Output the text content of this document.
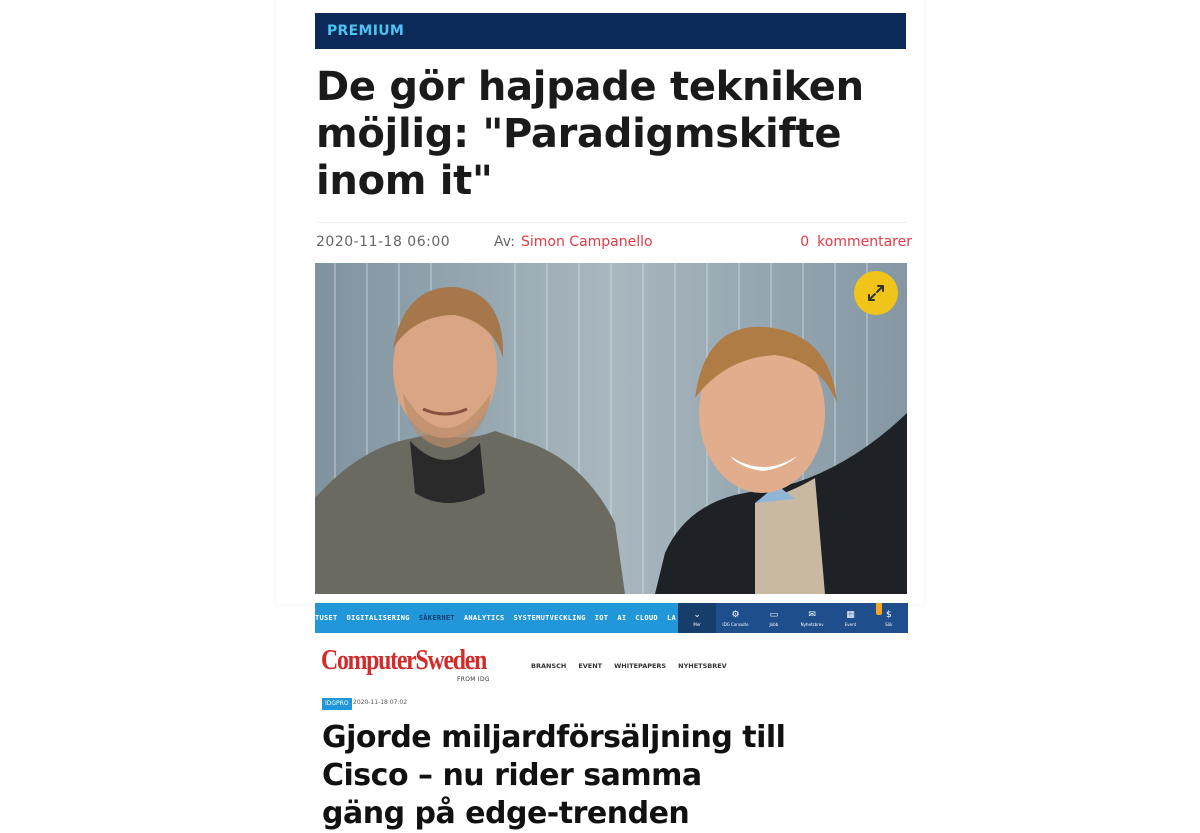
PREMIUM
De gör hajpade tekniken möjlig: "Paradigmskifte inom it"
2020-11-18 06:00	Av: Simon Campanello	0 kommentarer
TUSET DIGITALISERING SÄKERHET ANALYTICS SYSTEMUTVECKLING IOT AI CLOUD LA ⌄
Mer
⚙
IDG Consulte
▭
Jobb
✉
Nyhetsbrev
▦
Event
$
Sök
ComputerSweden
FROM IDG
BRANSCH EVENT WHITEPAPERS NYHETSBREV
IDGPRO 2020-11-18 07:02
Gjorde miljardförsäljning till Cisco – nu rider samma gäng på edge-trenden
